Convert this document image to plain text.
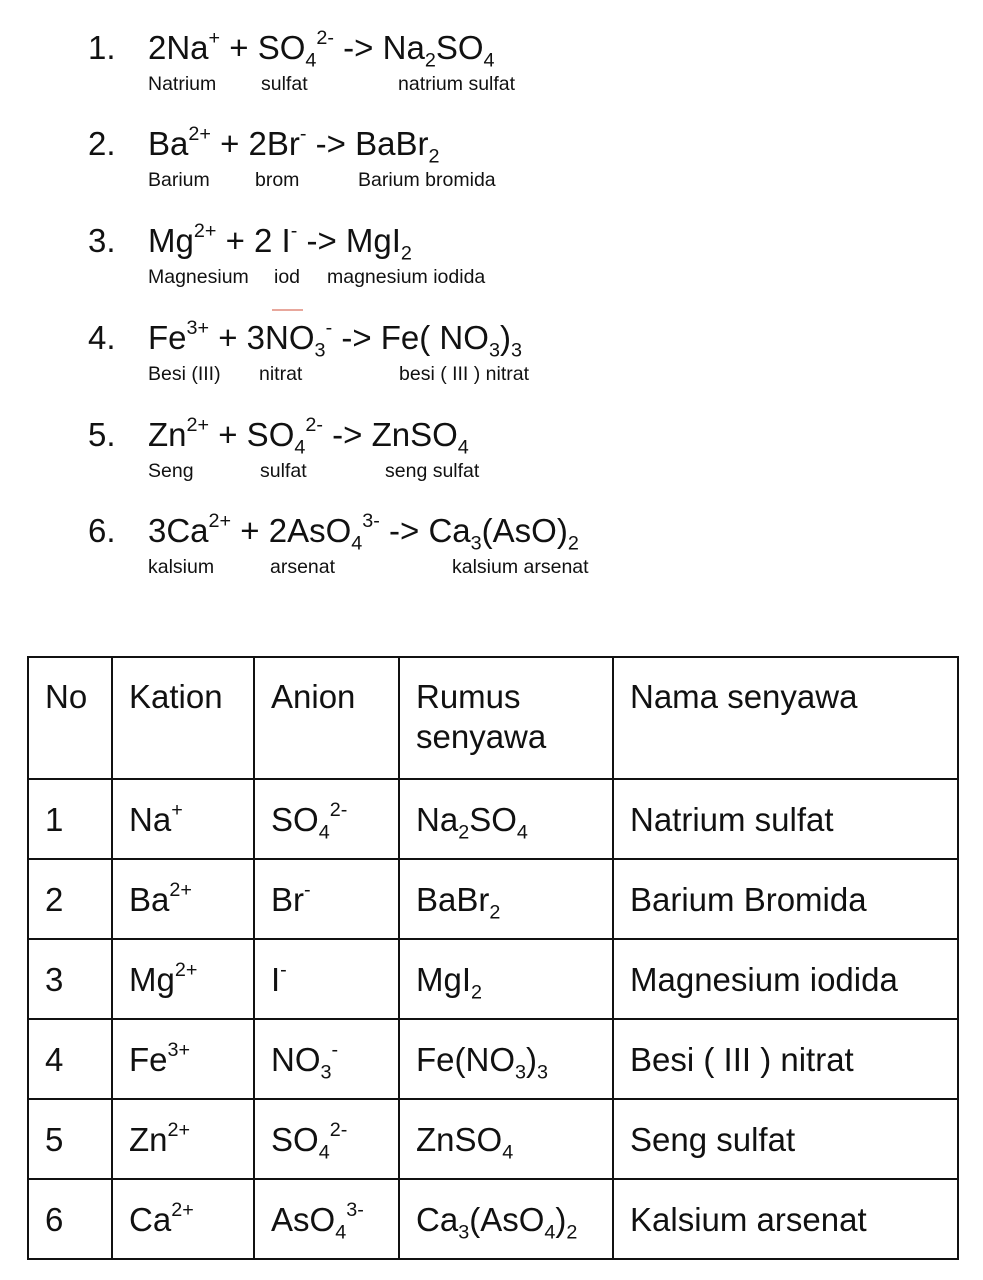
1. $2Na^+ + SO_4^{2-} -> Na_2SO_4$
Natrium sulfat	natrium sulfat
2. $Ba^{2+} + 2Br^-$ -> BaBr$_2$
Barium brom	Barium bromida
3. $Mg^{2+} + 2$ I- -> MgI$_2$
Magnesium iod magnesium iodida
4. $Fe^{3+} + 3NO_3^- -> Fe$( $NO_3)_3$
Besi (III) nitrat	besi ( III ) nitrat
5. $Zn^{2+} + SO_4^{2-}$ -> ZnSO$_4$
Seng	sulfat	seng sulfat
6. $3Ca^{2+} + 2AsO_4^{3-} -> Ca_3(AsO)_2$
kalsium	arsenat	kalsium arsenat
No	Kation	Anion	Rumus senyawa	Nama senyawa
1	Na+	$SO_4^{2-}$	$Na_2SO_4$	Natrium sulfat
2	$Ba^{2+}$	Br-	BaBr$_2$	Barium Bromida
3	$Mg^{2+}$	I-	MgI$_2$	Magnesium iodida
4	$Fe^{3+}$	$NO_3^-$	$Fe(NO_3)_3$	Besi ( III ) nitrat
5	$Zn^{2+}$	$SO_4^{2-}$	ZnSO$_4$	Seng sulfat
6	$Ca^{2+}$	AsO$_4^{3-}$	$Ca_3(AsO_4)_2$	Kalsium arsenat
